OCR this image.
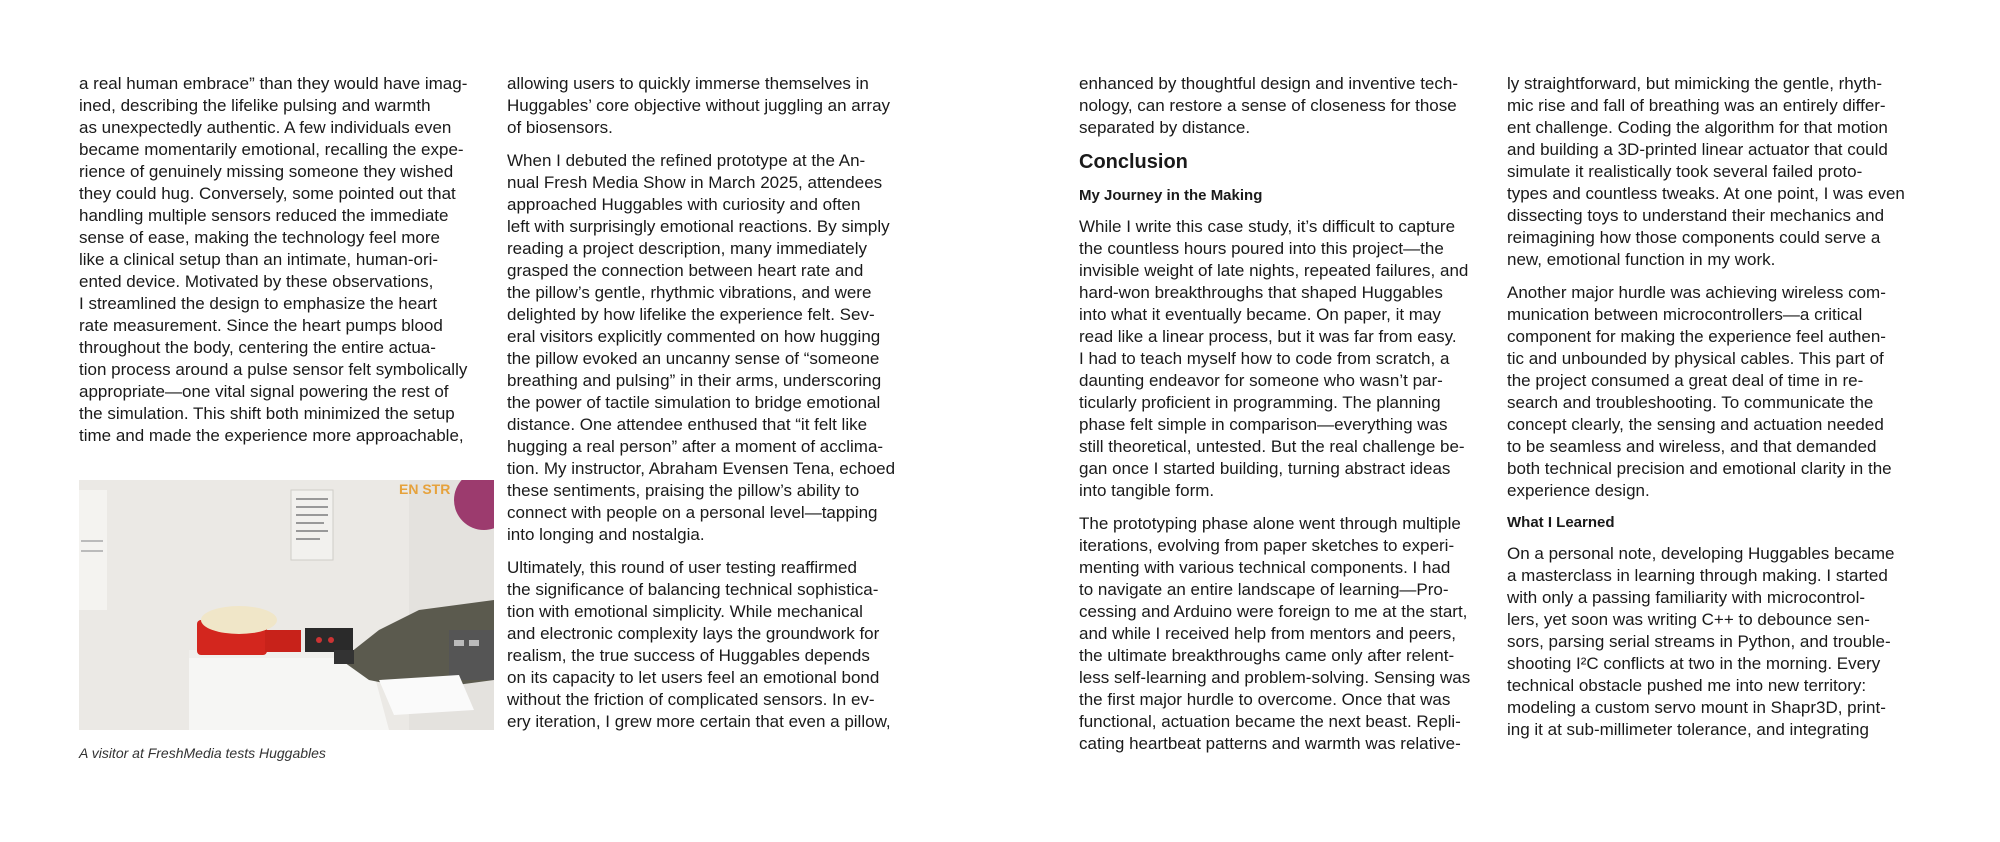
a real human embrace” than they would have imag-
ined, describing the lifelike pulsing and warmth
as unexpectedly authentic. A few individuals even
became momentarily emotional, recalling the expe-
rience of genuinely missing someone they wished
they could hug. Conversely, some pointed out that
handling multiple sensors reduced the immediate
sense of ease, making the technology feel more
like a clinical setup than an intimate, human-ori-
ented device. Motivated by these observations,
I streamlined the design to emphasize the heart
rate measurement. Since the heart pumps blood
throughout the body, centering the entire actua-
tion process around a pulse sensor felt symbolically
appropriate—one vital signal powering the rest of
the simulation. This shift both minimized the setup
time and made the experience more approachable,

EN STR
A visitor at FreshMedia tests Huggables

allowing users to quickly immerse themselves in
Huggables’ core objective without juggling an array
of biosensors.

When I debuted the refined prototype at the An-
nual Fresh Media Show in March 2025, attendees
approached Huggables with curiosity and often
left with surprisingly emotional reactions. By simply
reading a project description, many immediately
grasped the connection between heart rate and
the pillow’s gentle, rhythmic vibrations, and were
delighted by how lifelike the experience felt. Sev-
eral visitors explicitly commented on how hugging
the pillow evoked an uncanny sense of “someone
breathing and pulsing” in their arms, underscoring
the power of tactile simulation to bridge emotional
distance. One attendee enthused that “it felt like
hugging a real person” after a moment of acclima-
tion. My instructor, Abraham Evensen Tena, echoed
these sentiments, praising the pillow’s ability to
connect with people on a personal level—tapping
into longing and nostalgia.

Ultimately, this round of user testing reaffirmed
the significance of balancing technical sophistica-
tion with emotional simplicity. While mechanical
and electronic complexity lays the groundwork for
realism, the true success of Huggables depends
on its capacity to let users feel an emotional bond
without the friction of complicated sensors. In ev-
ery iteration, I grew more certain that even a pillow,

enhanced by thoughtful design and inventive tech-
nology, can restore a sense of closeness for those
separated by distance.

Conclusion
My Journey in the Making

While I write this case study, it’s difficult to capture
the countless hours poured into this project—the
invisible weight of late nights, repeated failures, and
hard-won breakthroughs that shaped Huggables
into what it eventually became. On paper, it may
read like a linear process, but it was far from easy.
I had to teach myself how to code from scratch, a
daunting endeavor for someone who wasn’t par-
ticularly proficient in programming. The planning
phase felt simple in comparison—everything was
still theoretical, untested. But the real challenge be-
gan once I started building, turning abstract ideas
into tangible form.

The prototyping phase alone went through multiple
iterations, evolving from paper sketches to experi-
menting with various technical components. I had
to navigate an entire landscape of learning—Pro-
cessing and Arduino were foreign to me at the start,
and while I received help from mentors and peers,
the ultimate breakthroughs came only after relent-
less self-learning and problem-solving. Sensing was
the first major hurdle to overcome. Once that was
functional, actuation became the next beast. Repli-
cating heartbeat patterns and warmth was relative-

ly straightforward, but mimicking the gentle, rhyth-
mic rise and fall of breathing was an entirely differ-
ent challenge. Coding the algorithm for that motion
and building a 3D-printed linear actuator that could
simulate it realistically took several failed proto-
types and countless tweaks. At one point, I was even
dissecting toys to understand their mechanics and
reimagining how those components could serve a
new, emotional function in my work.

Another major hurdle was achieving wireless com-
munication between microcontrollers—a critical
component for making the experience feel authen-
tic and unbounded by physical cables. This part of
the project consumed a great deal of time in re-
search and troubleshooting. To communicate the
concept clearly, the sensing and actuation needed
to be seamless and wireless, and that demanded
both technical precision and emotional clarity in the
experience design.

What I Learned

On a personal note, developing Huggables became
a masterclass in learning through making. I started
with only a passing familiarity with microcontrol-
lers, yet soon was writing C++ to debounce sen-
sors, parsing serial streams in Python, and trouble-
shooting I²C conflicts at two in the morning. Every
technical obstacle pushed me into new territory:
modeling a custom servo mount in Shapr3D, print-
ing it at sub-millimeter tolerance, and integrating
